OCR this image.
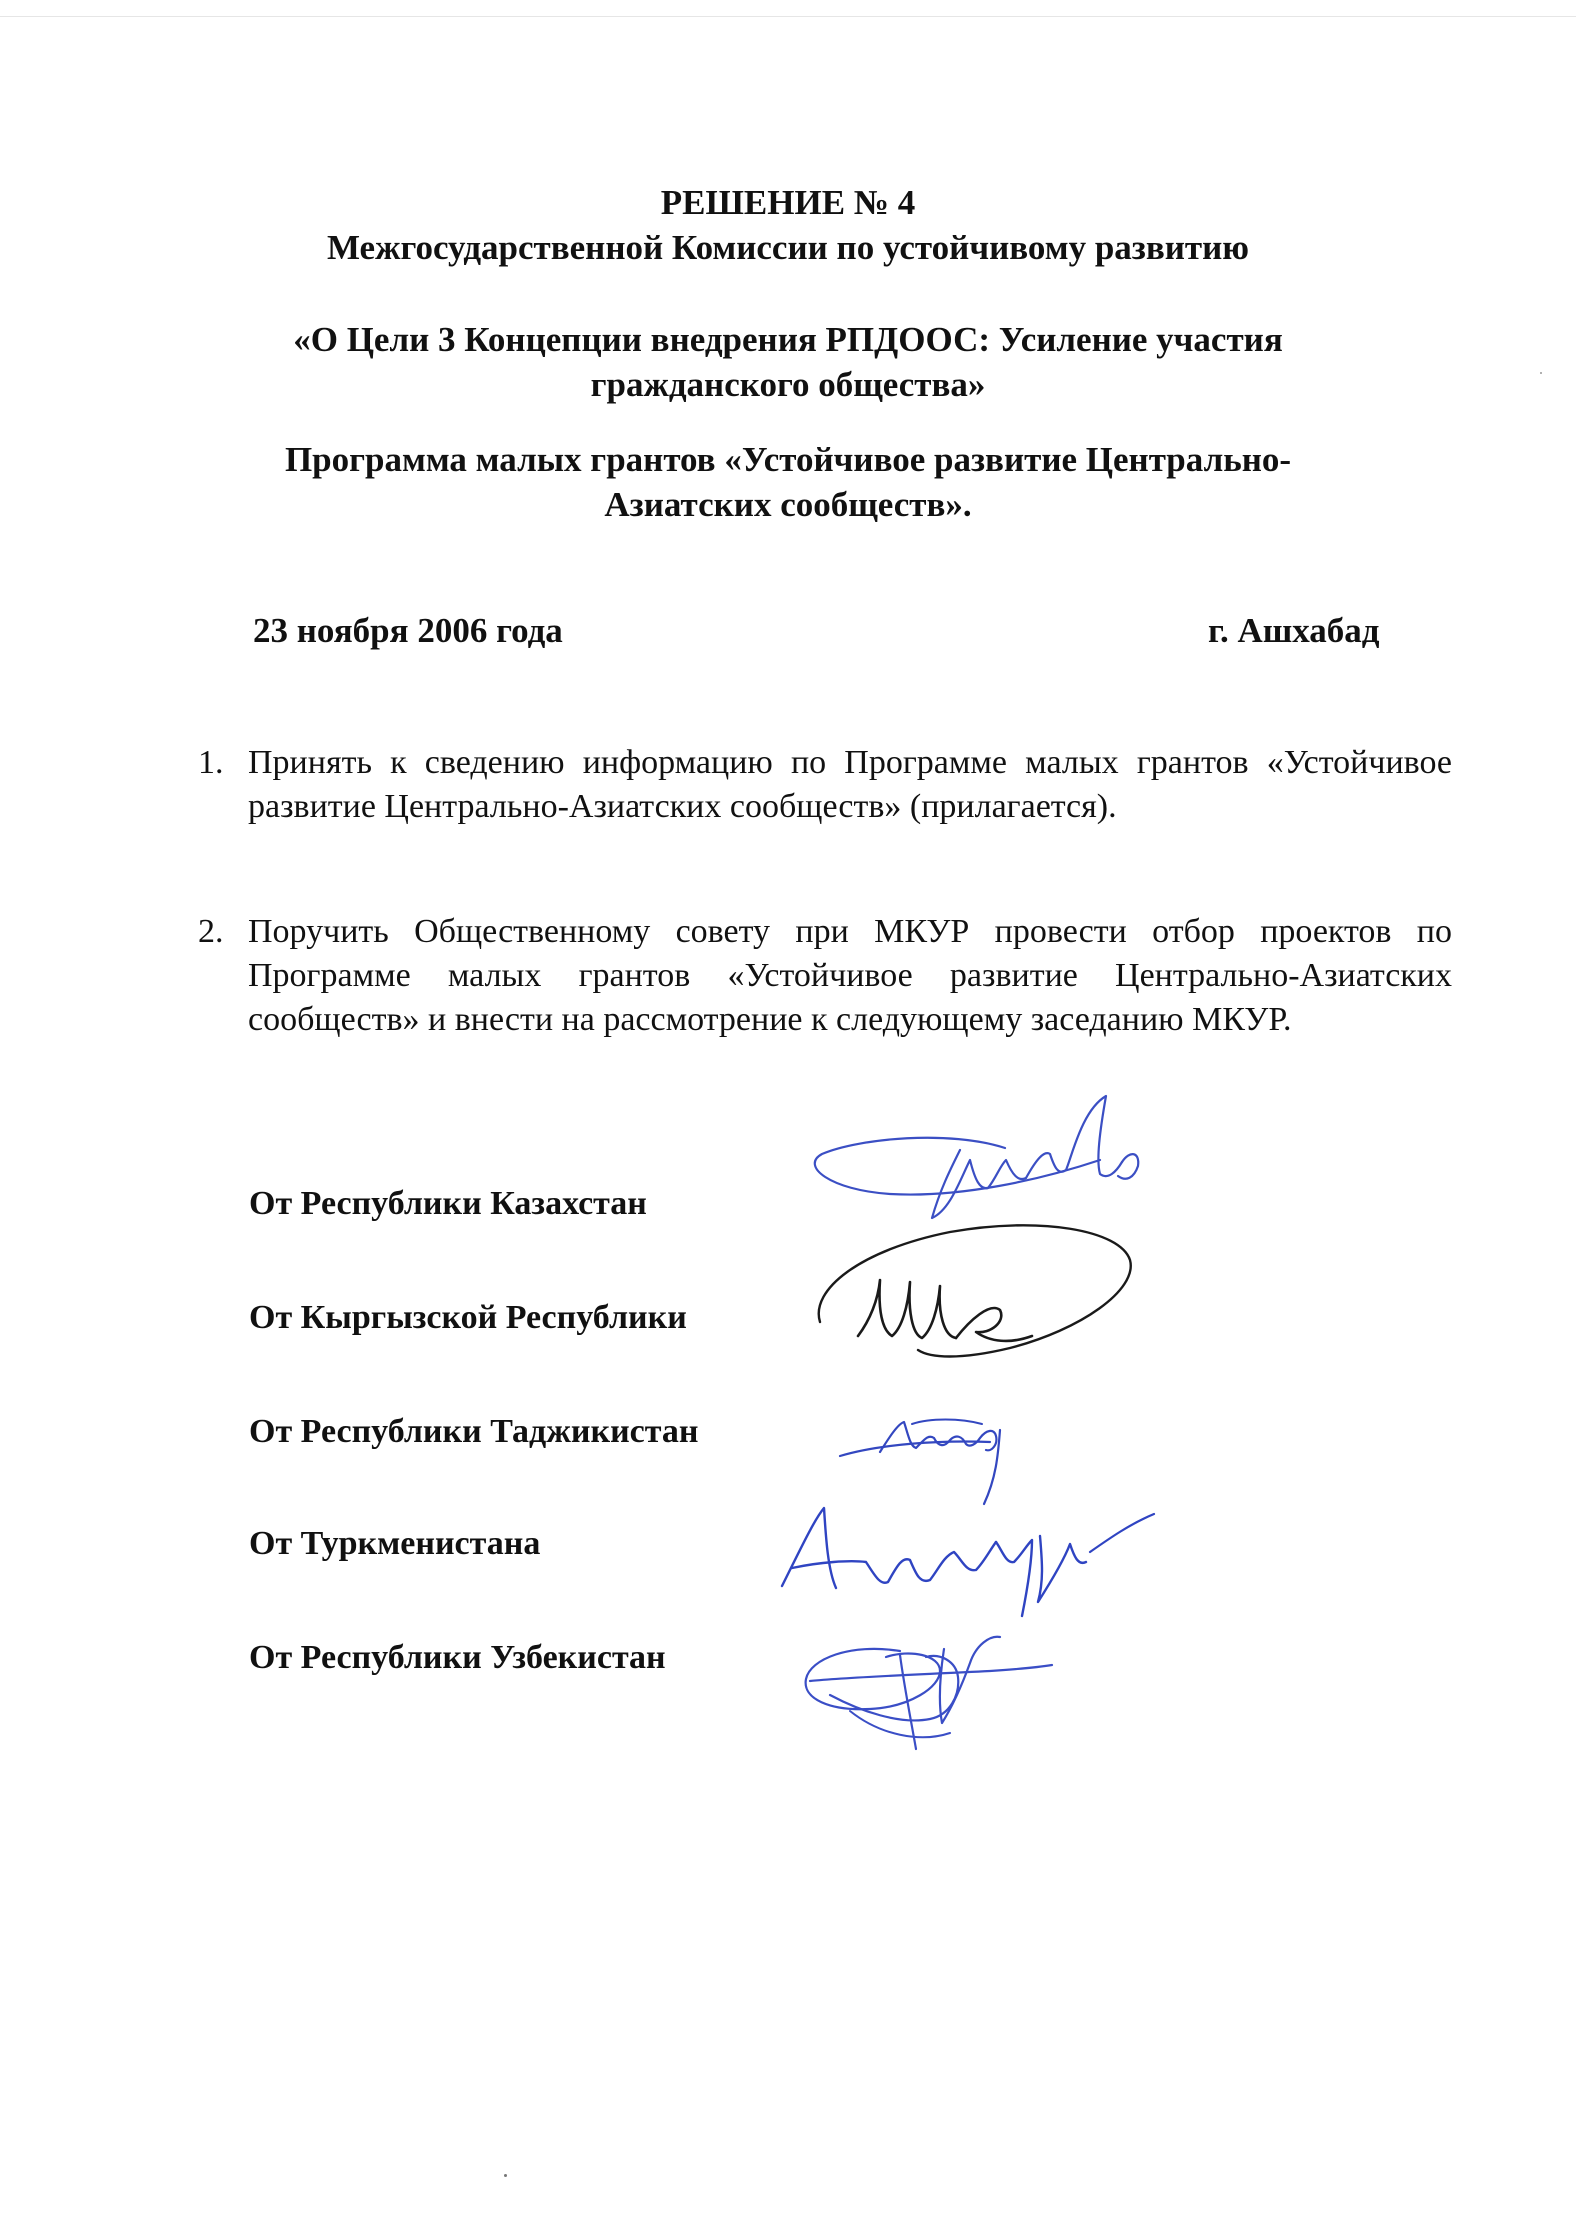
РЕШЕНИЕ № 4
Межгосударственной Комиссии по устойчивому развитию
«О Цели 3 Концепции внедрения РПДООС: Усиление участия
гражданского общества»
Программа малых грантов «Устойчивое развитие Центрально-
Азиатских сообществ».
23 ноября 2006 года	г. Ашхабад
1. Принять к сведению информацию по Программе малых грантов «Устойчивое развитие Центрально-Азиатских сообществ» (прилагается).
2. Поручить Общественному совету при МКУР провести отбор проектов по Программе малых грантов «Устойчивое развитие Центрально-Азиатских сообществ» и внести на рассмотрение к следующему заседанию МКУР.
От Республики Казахстан
От Кыргызской Республики
От Республики Таджикистан
От Туркменистана
От Республики Узбекистан
